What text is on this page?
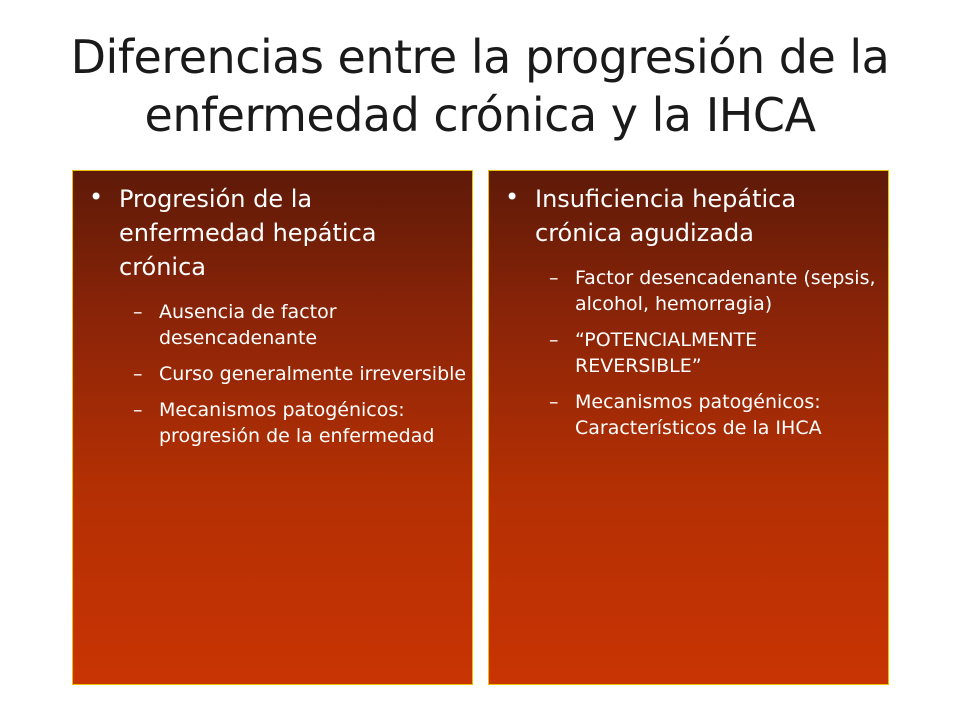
Diferencias entre la progresión de la enfermedad crónica y la IHCA
• Progresión de la enfermedad hepática crónica
– Ausencia de factor desencadenante
– Curso generalmente irreversible
– Mecanismos patogénicos: progresión de la enfermedad
• Insuficiencia hepática crónica agudizada
– Factor desencadenante (sepsis, alcohol, hemorragia)
– “POTENCIALMENTE REVERSIBLE”
– Mecanismos patogénicos: Característicos de la IHCA
